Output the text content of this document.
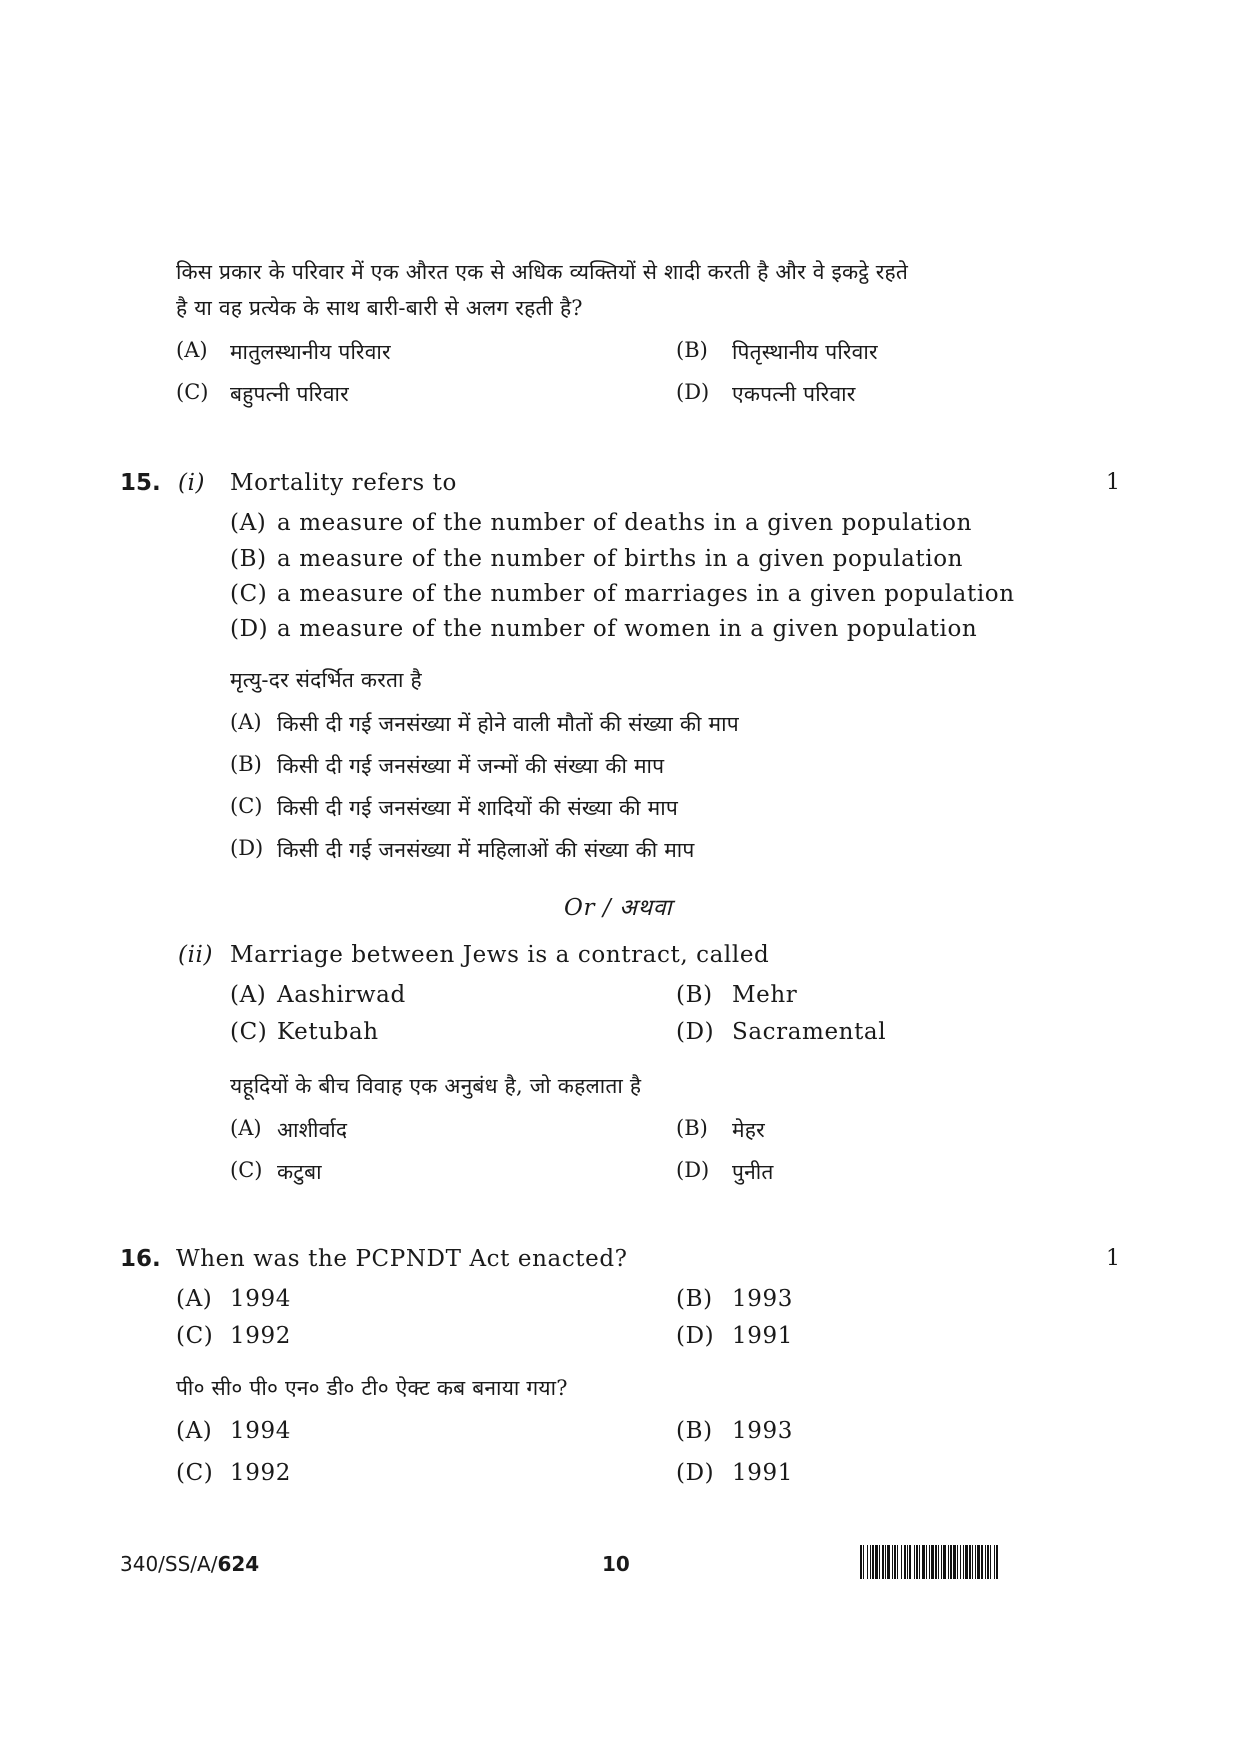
किस प्रकार के परिवार में एक औरत एक से अधिक व्यक्तियों से शादी करती है और वे इकट्ठे रहते
है या वह प्रत्येक के साथ बारी-बारी से अलग रहती है?
(A) मातुलस्थानीय परिवार	(B) पितृस्थानीय परिवार
(C) बहुपत्नी परिवार	(D) एकपत्नी परिवार
15. (i) Mortality refers to	1
(A) a measure of the number of deaths in a given population
(B) a measure of the number of births in a given population
(C) a measure of the number of marriages in a given population
(D) a measure of the number of women in a given population
मृत्यु-दर संदर्भित करता है
(A) किसी दी गई जनसंख्या में होने वाली मौतों की संख्या की माप
(B) किसी दी गई जनसंख्या में जन्मों की संख्या की माप
(C) किसी दी गई जनसंख्या में शादियों की संख्या की माप
(D) किसी दी गई जनसंख्या में महिलाओं की संख्या की माप
Or / अथवा
(ii) Marriage between Jews is a contract, called
(A) Aashirwad	(B) Mehr
(C) Ketubah	(D) Sacramental
यहूदियों के बीच विवाह एक अनुबंध है, जो कहलाता है
(A) आशीर्वाद	(B) मेहर
(C) कटुबा	(D) पुनीत
16. When was the PCPNDT Act enacted?	1
(A) 1994	(B) 1993
(C) 1992	(D) 1991
पी० सी० पी० एन० डी० टी० ऐक्ट कब बनाया गया?
(A) 1994	(B) 1993
(C) 1992	(D) 1991
340/SS/A/624	10
